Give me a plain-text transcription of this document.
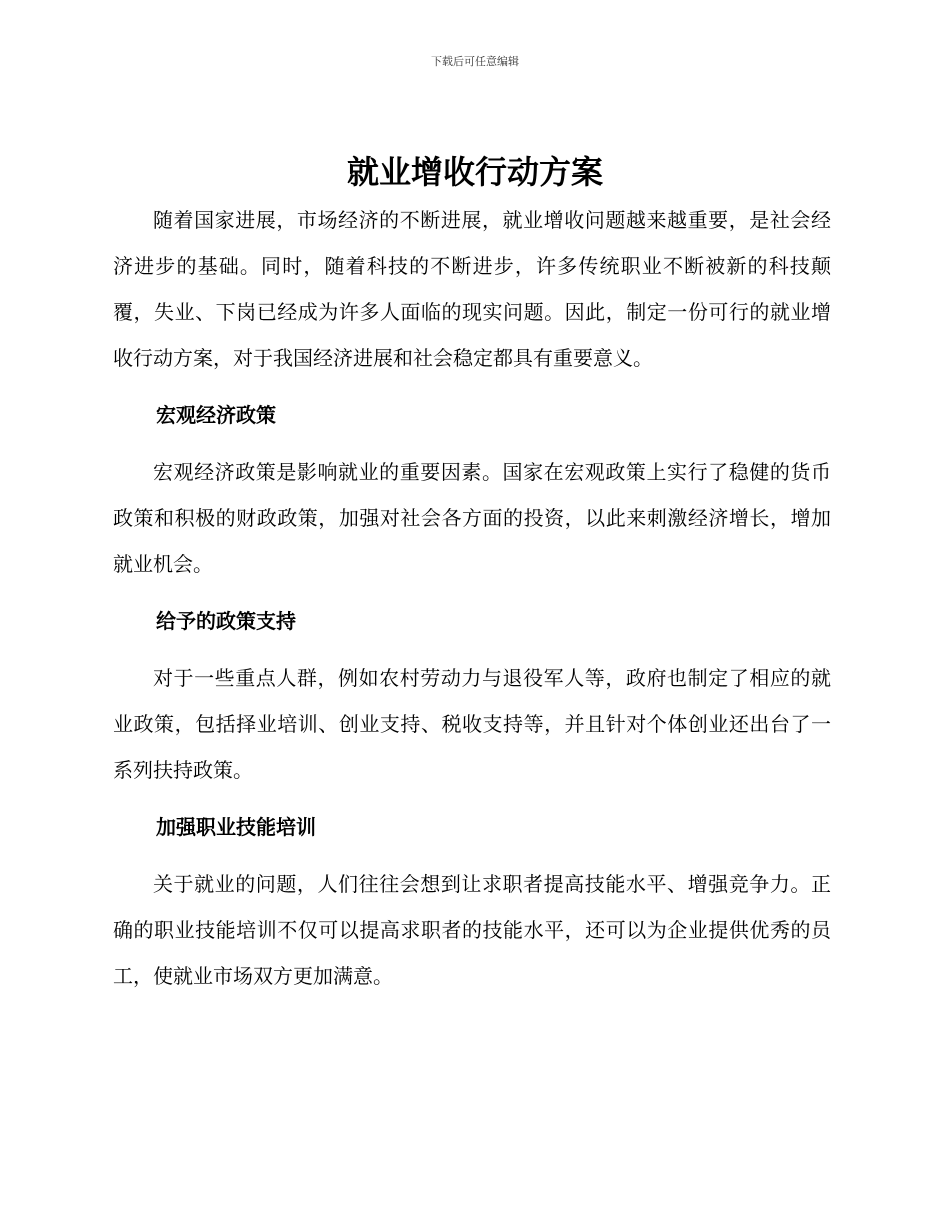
下载后可任意编辑
就业增收行动方案

随着国家进展，市场经济的不断进展，就业增收问题越来越重要，是社会经济进步的基础。同时，随着科技的不断进步，许多传统职业不断被新的科技颠覆，失业、下岗已经成为许多人面临的现实问题。因此，制定一份可行的就业增收行动方案，对于我国经济进展和社会稳定都具有重要意义。

宏观经济政策

宏观经济政策是影响就业的重要因素。国家在宏观政策上实行了稳健的货币政策和积极的财政政策，加强对社会各方面的投资，以此来刺激经济增长，增加就业机会。

给予的政策支持

对于一些重点人群，例如农村劳动力与退役军人等，政府也制定了相应的就业政策，包括择业培训、创业支持、税收支持等，并且针对个体创业还出台了一系列扶持政策。

加强职业技能培训

关于就业的问题，人们往往会想到让求职者提高技能水平、增强竞争力。正确的职业技能培训不仅可以提高求职者的技能水平，还可以为企业提供优秀的员工，使就业市场双方更加满意。
